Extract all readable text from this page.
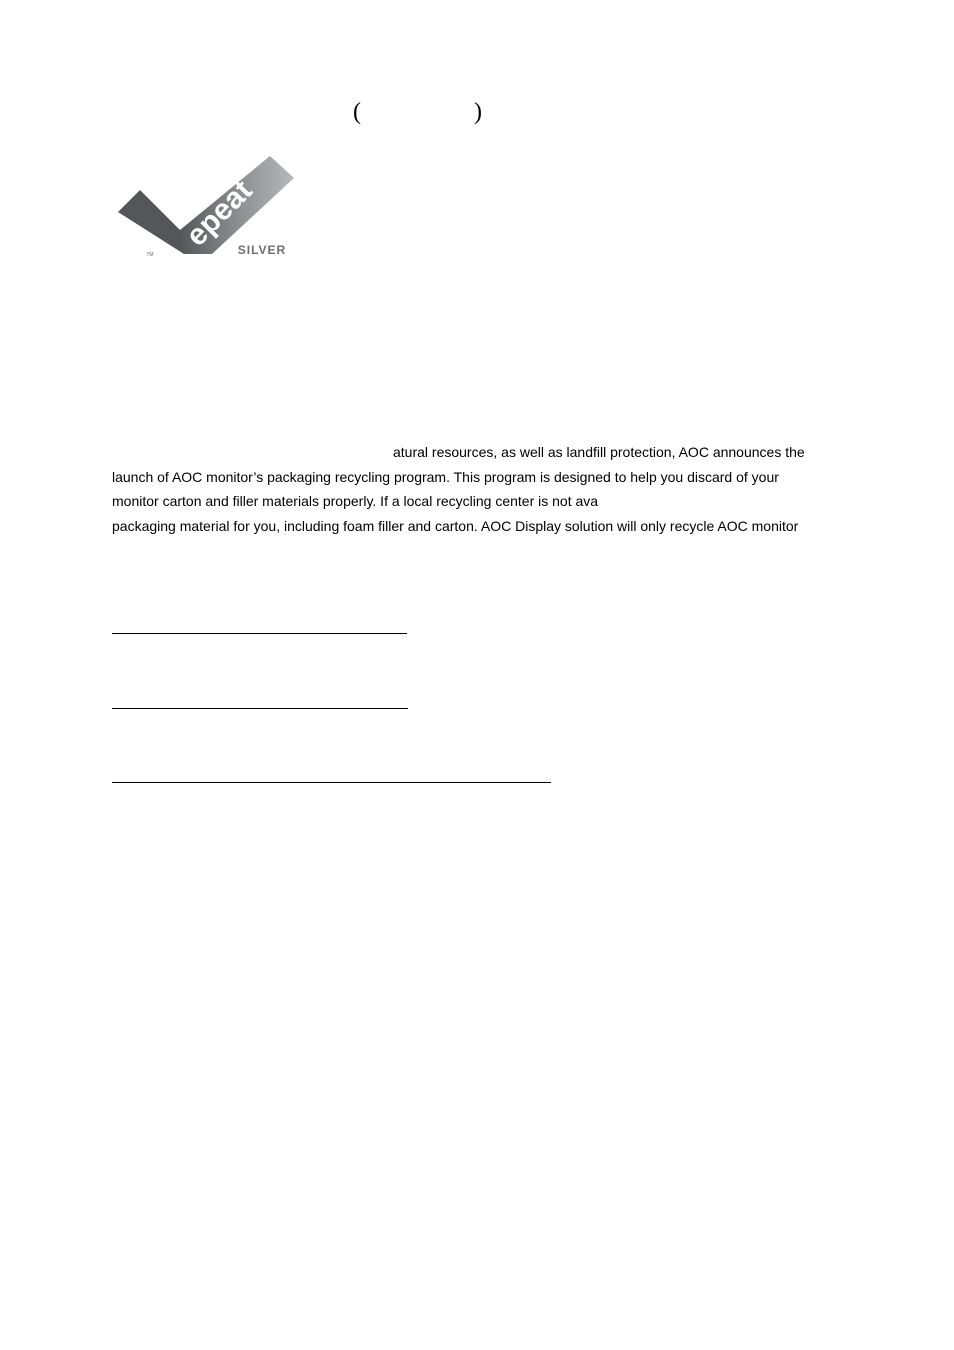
(	)
epeat
SILVER
TM
atural resources, as well as landfill protection, AOC announces the
launch of AOC monitor’s packaging recycling program. This program is designed to help you discard of your
monitor carton and filler materials properly. If a local recycling center is not ava
packaging material for you, including foam filler and carton. AOC Display solution will only recycle AOC monitor
